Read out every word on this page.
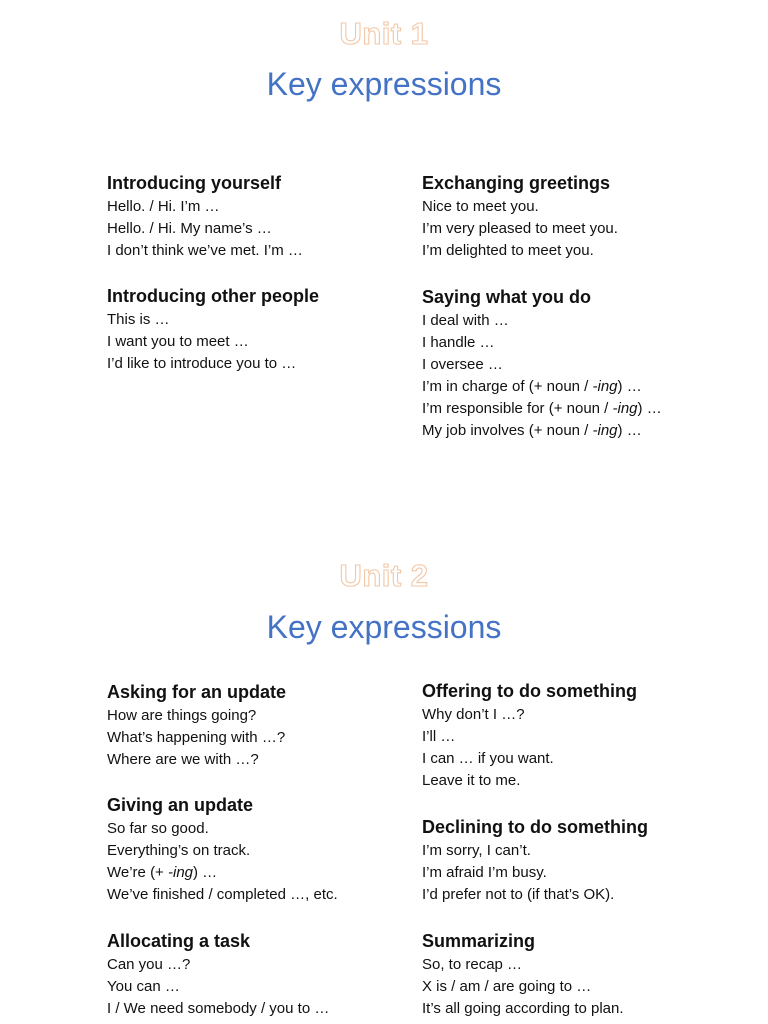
Unit 1
Key expressions
Introducing yourself
Hello. / Hi. I’m …
Hello. / Hi. My name’s …
I don’t think we’ve met. I’m …
Exchanging greetings
Nice to meet you.
I’m very pleased to meet you.
I’m delighted to meet you.
Introducing other people
This is …
I want you to meet …
I’d like to introduce you to …
Saying what you do
I deal with …
I handle …
I oversee …
I’m in charge of (+ noun / -ing) …
I’m responsible for (+ noun / -ing) …
My job involves (+ noun / -ing) …
Unit 2
Key expressions
Asking for an update
How are things going?
What’s happening with …?
Where are we with …?
Offering to do something
Why don’t I …?
I’ll …
I can … if you want.
Leave it to me.
Giving an update
So far so good.
Everything’s on track.
We’re (+ -ing) …
We’ve finished / completed …, etc.
Declining to do something
I’m sorry, I can’t.
I’m afraid I’m busy.
I’d prefer not to (if that’s OK).
Allocating a task
Can you …?
You can …
I / We need somebody / you to …
Summarizing
So, to recap …
X is / am / are going to …
It’s all going according to plan.
